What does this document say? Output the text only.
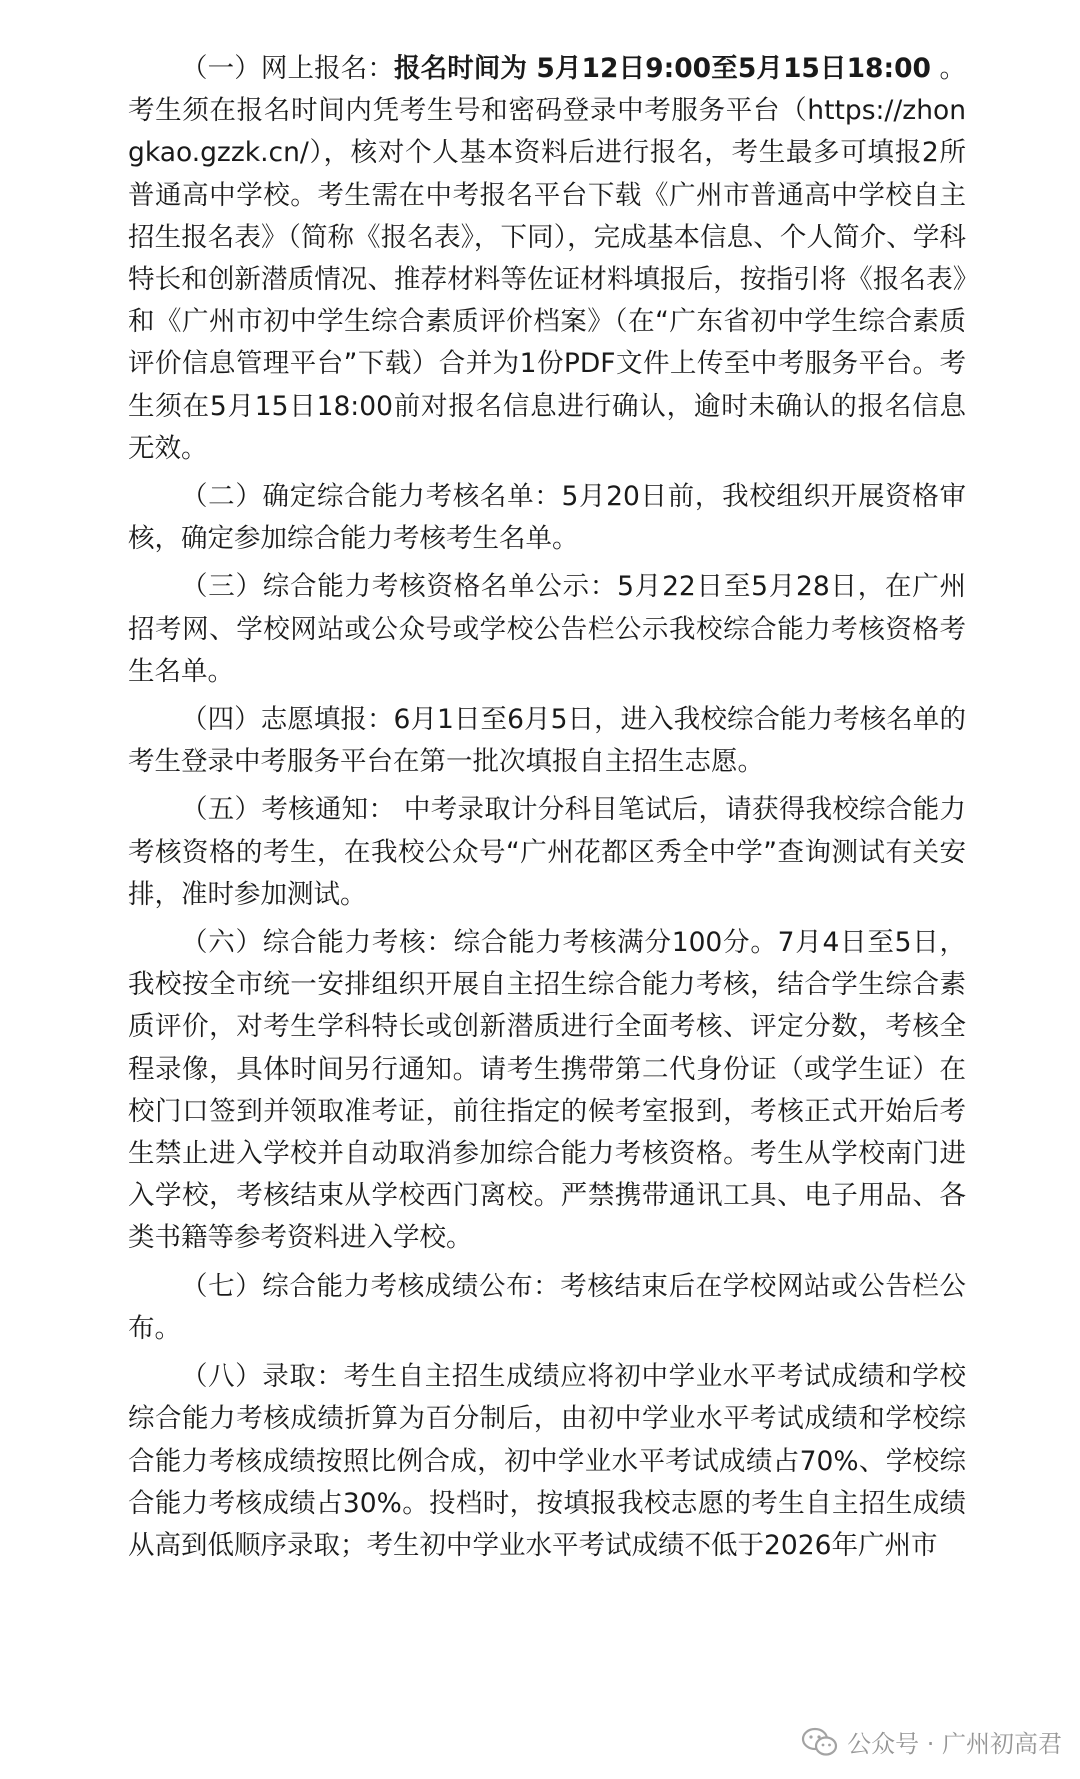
（一）网上报名：报名时间为 5月12日9:00至5月15日18:00 。考生须在报名时间内凭考生号和密码登录中考服务平台（https://zhongkao.gzzk.cn/），核对个人基本资料后进行报名，考生最多可填报2所普通高中学校。考生需在中考报名平台下载《广州市普通高中学校自主招生报名表》（简称《报名表》，下同），完成基本信息、个人简介、学科特长和创新潜质情况、推荐材料等佐证材料填报后，按指引将《报名表》和《广州市初中学生综合素质评价档案》（在“广东省初中学生综合素质评价信息管理平台”下载）合并为1份PDF文件上传至中考服务平台。考生须在5月15日18:00前对报名信息进行确认，逾时未确认的报名信息无效。

（二）确定综合能力考核名单：5月20日前，我校组织开展资格审核，确定参加综合能力考核考生名单。

（三）综合能力考核资格名单公示：5月22日至5月28日，在广州招考网、学校网站或公众号或学校公告栏公示我校综合能力考核资格考生名单。

（四）志愿填报：6月1日至6月5日，进入我校综合能力考核名单的考生登录中考服务平台在第一批次填报自主招生志愿。

（五）考核通知： 中考录取计分科目笔试后，请获得我校综合能力考核资格的考生，在我校公众号“广州花都区秀全中学”查询测试有关安排，准时参加测试。

（六）综合能力考核：综合能力考核满分100分。7月4日至5日，我校按全市统一安排组织开展自主招生综合能力考核，结合学生综合素质评价，对考生学科特长或创新潜质进行全面考核、评定分数，考核全程录像，具体时间另行通知。请考生携带第二代身份证（或学生证）在校门口签到并领取准考证，前往指定的候考室报到，考核正式开始后考生禁止进入学校并自动取消参加综合能力考核资格。考生从学校南门进入学校，考核结束从学校西门离校。严禁携带通讯工具、电子用品、各类书籍等参考资料进入学校。

（七）综合能力考核成绩公布：考核结束后在学校网站或公告栏公布。

（八）录取：考生自主招生成绩应将初中学业水平考试成绩和学校综合能力考核成绩折算为百分制后，由初中学业水平考试成绩和学校综合能力考核成绩按照比例合成，初中学业水平考试成绩占70%、学校综合能力考核成绩占30%。投档时，按填报我校志愿的考生自主招生成绩从高到低顺序录取；考生初中学业水平考试成绩不低于2026年广州市

公众号 · 广州初高君
